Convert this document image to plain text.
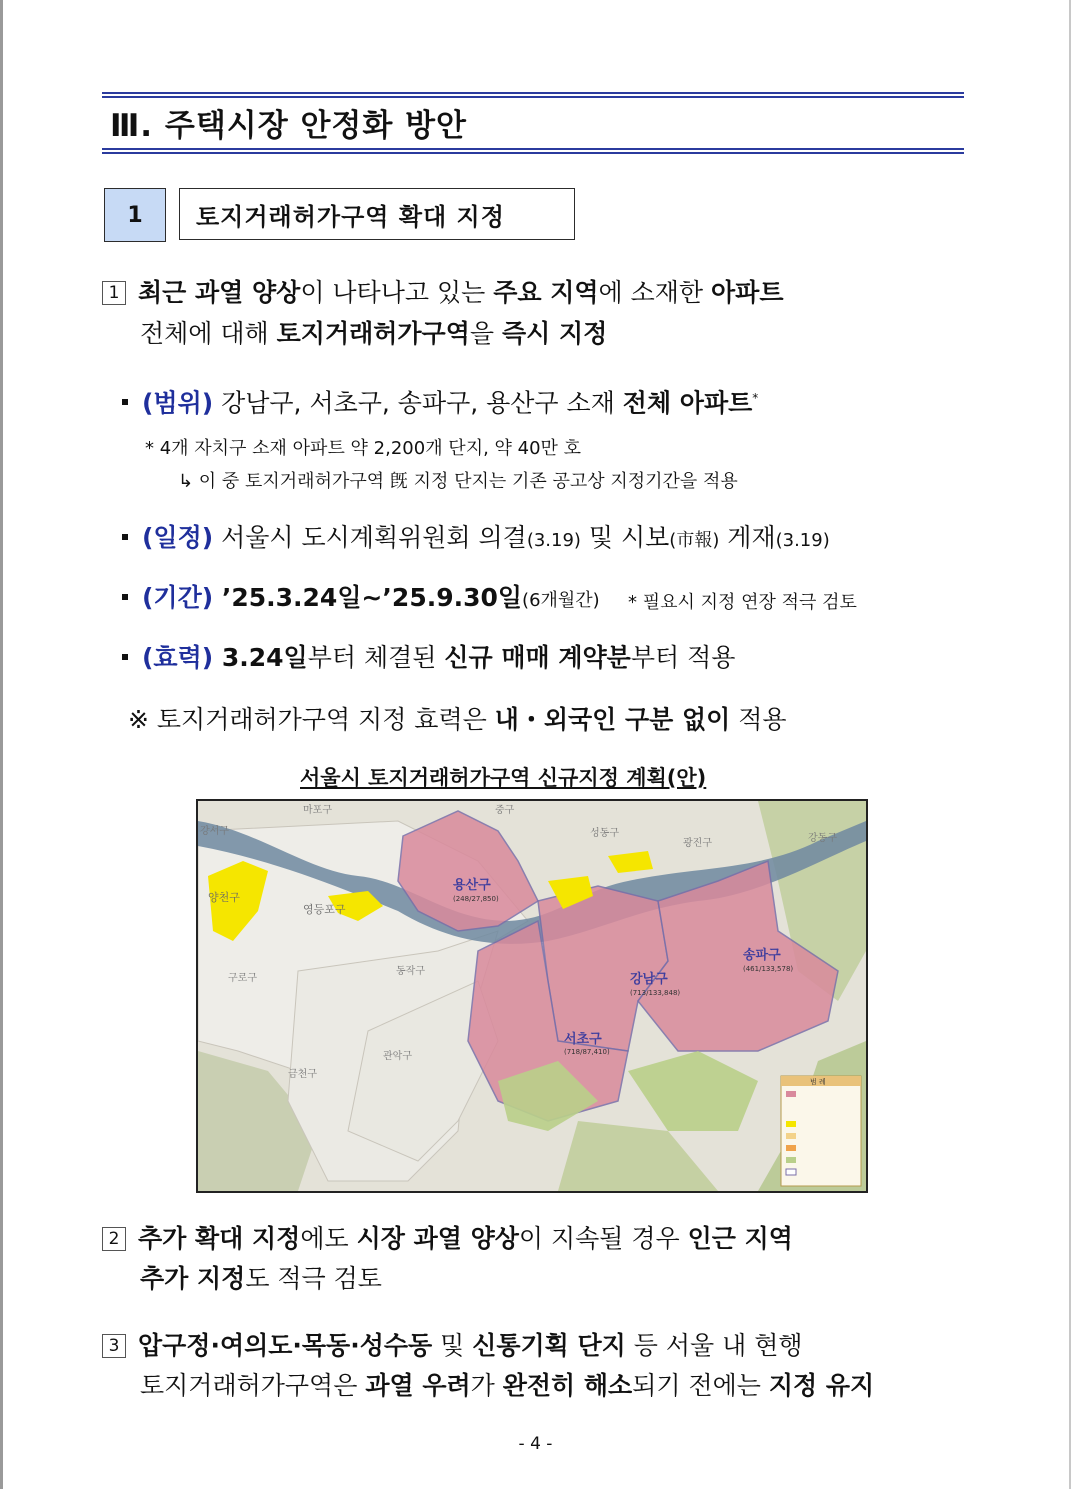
Ⅲ. 주택시장 안정화 방안
1	토지거래허가구역 확대 지정
1 최근 과열 양상이 나타나고 있는 주요 지역에 소재한 아파트
전체에 대해 토지거래허가구역을 즉시 지정
(범위) 강남구, 서초구, 송파구, 용산구 소재 전체 아파트*
* 4개 자치구 소재 아파트 약 2,200개 단지, 약 40만 호
↳ 이 중 토지거래허가구역 旣 지정 단지는 기존 공고상 지정기간을 적용
(일정) 서울시 도시계획위원회 의결(3.19) 및 시보(市報) 게재(3.19)
(기간) ’25.3.24일∼’25.9.30일(6개월간) * 필요시 지정 연장 적극 검토
(효력) 3.24일부터 체결된 신규 매매 계약분부터 적용
※ 토지거래허가구역 지정 효력은 내・외국인 구분 없이 적용
서울시 토지거래허가구역 신규지정 계획(안)
마포구	중구
성동구
강서구
광진구	강동구
양천구
영등포구
구로구
동작구
관악구
금천구
용산구
(248/27,850)
강남구
(713/133,848)
서초구
(718/87,410)
송파구
(461/133,578)
범 례
2 추가 확대 지정에도 시장 과열 양상이 지속될 경우 인근 지역
추가 지정도 적극 검토
3 압구정·여의도·목동·성수동 및 신통기획 단지 등 서울 내 현행
토지거래허가구역은 과열 우려가 완전히 해소되기 전에는 지정 유지
- 4 -
